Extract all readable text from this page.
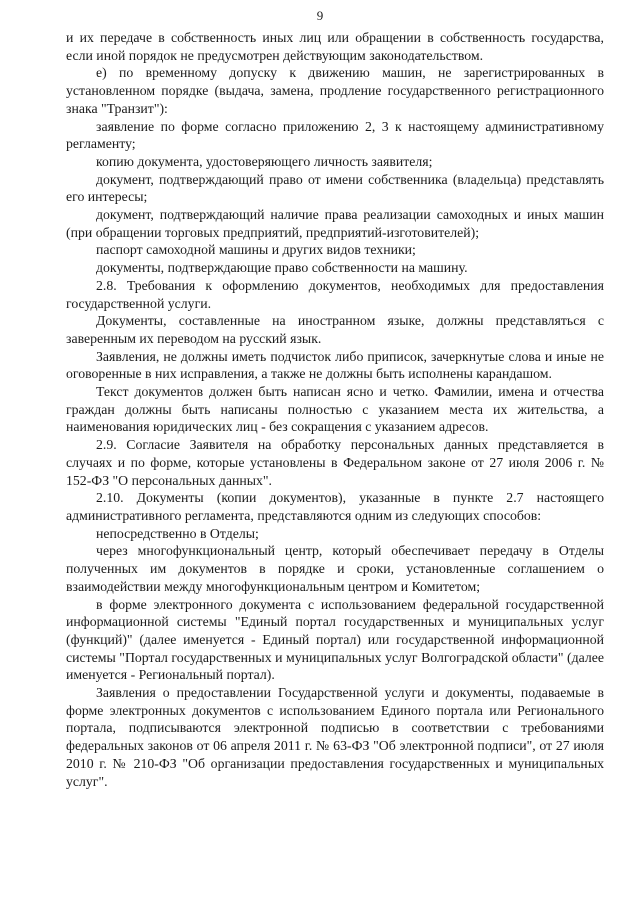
9

и их передаче в собственность иных лиц или обращении в собственность государства, если иной порядок не предусмотрен действующим законодательством.

е) по временному допуску к движению машин, не зарегистрированных в установленном порядке (выдача, замена, продление государственного регистрационного знака "Транзит"):

заявление по форме согласно приложению 2, 3 к настоящему административному регламенту;

копию документа, удостоверяющего личность заявителя;

документ, подтверждающий право от имени собственника (владельца) представлять его интересы;

документ, подтверждающий наличие права реализации самоходных и иных машин (при обращении торговых предприятий, предприятий-изготовителей);

паспорт самоходной машины и других видов техники;

документы, подтверждающие право собственности на машину.

2.8. Требования к оформлению документов, необходимых для предоставления государственной услуги.

Документы, составленные на иностранном языке, должны представляться с заверенным их переводом на русский язык.

Заявления, не должны иметь подчисток либо приписок, зачеркнутые слова и иные не оговоренные в них исправления, а также не должны быть исполнены карандашом.

Текст документов должен быть написан ясно и четко. Фамилии, имена и отчества граждан должны быть написаны полностью с указанием места их жительства, а наименования юридических лиц - без сокращения с указанием адресов.

2.9. Согласие Заявителя на обработку персональных данных представляется в случаях и по форме, которые установлены в Федеральном законе от 27 июля 2006 г. № 152-ФЗ "О персональных данных".

2.10. Документы (копии документов), указанные в пункте 2.7 настоящего административного регламента, представляются одним из следующих способов:

непосредственно в Отделы;

через многофункциональный центр, который обеспечивает передачу в Отделы полученных им документов в порядке и сроки, установленные соглашением о взаимодействии между многофункциональным центром и Комитетом;

в форме электронного документа с использованием федеральной государственной информационной системы "Единый портал государственных и муниципальных услуг (функций)" (далее именуется - Единый портал) или государственной информационной системы "Портал государственных и муниципальных услуг Волгоградской области" (далее именуется - Региональный портал).

Заявления о предоставлении Государственной услуги и документы, подаваемые в форме электронных документов с использованием Единого портала или Регионального портала, подписываются электронной подписью в соответствии с требованиями федеральных законов от 06 апреля 2011 г. № 63-ФЗ "Об электронной подписи", от 27 июля 2010 г. № 210-ФЗ "Об организации предоставления государственных и муниципальных услуг".
